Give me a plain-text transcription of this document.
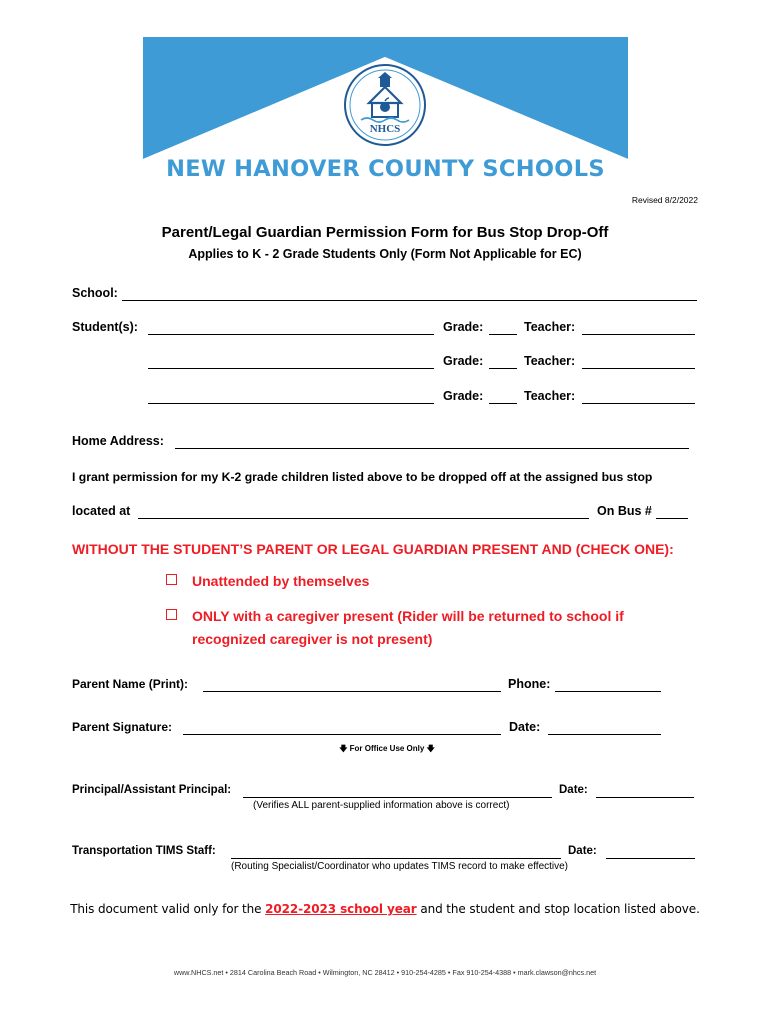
NHCS
NEW HANOVER COUNTY SCHOOLS
Revised 8/2/2022
Parent/Legal Guardian Permission Form for Bus Stop Drop-Off
Applies to K - 2 Grade Students Only (Form Not Applicable for EC)
School:
Student(s):	Grade:	Teacher:
Grade:	Teacher:
Grade:	Teacher:
Home Address:
I grant permission for my K-2 grade children listed above to be dropped off at the assigned bus stop
located at	On Bus #
WITHOUT THE STUDENT’S PARENT OR LEGAL GUARDIAN PRESENT AND (CHECK ONE):
Unattended by themselves
ONLY with a caregiver present (Rider will be returned to school if
recognized caregiver is not present)
Parent Name (Print):	Phone:
Parent Signature:	Date:
🡇 For Office Use Only 🡇
Principal/Assistant Principal:	Date:
(Verifies ALL parent-supplied information above is correct)
Transportation TIMS Staff:	Date:
(Routing Specialist/Coordinator who updates TIMS record to make effective)
This document valid only for the 2022-2023 school year and the student and stop location listed above.
www.NHCS.net • 2814 Carolina Beach Road • Wilmington, NC 28412 • 910-254-4285 • Fax 910-254-4388 • mark.clawson@nhcs.net
